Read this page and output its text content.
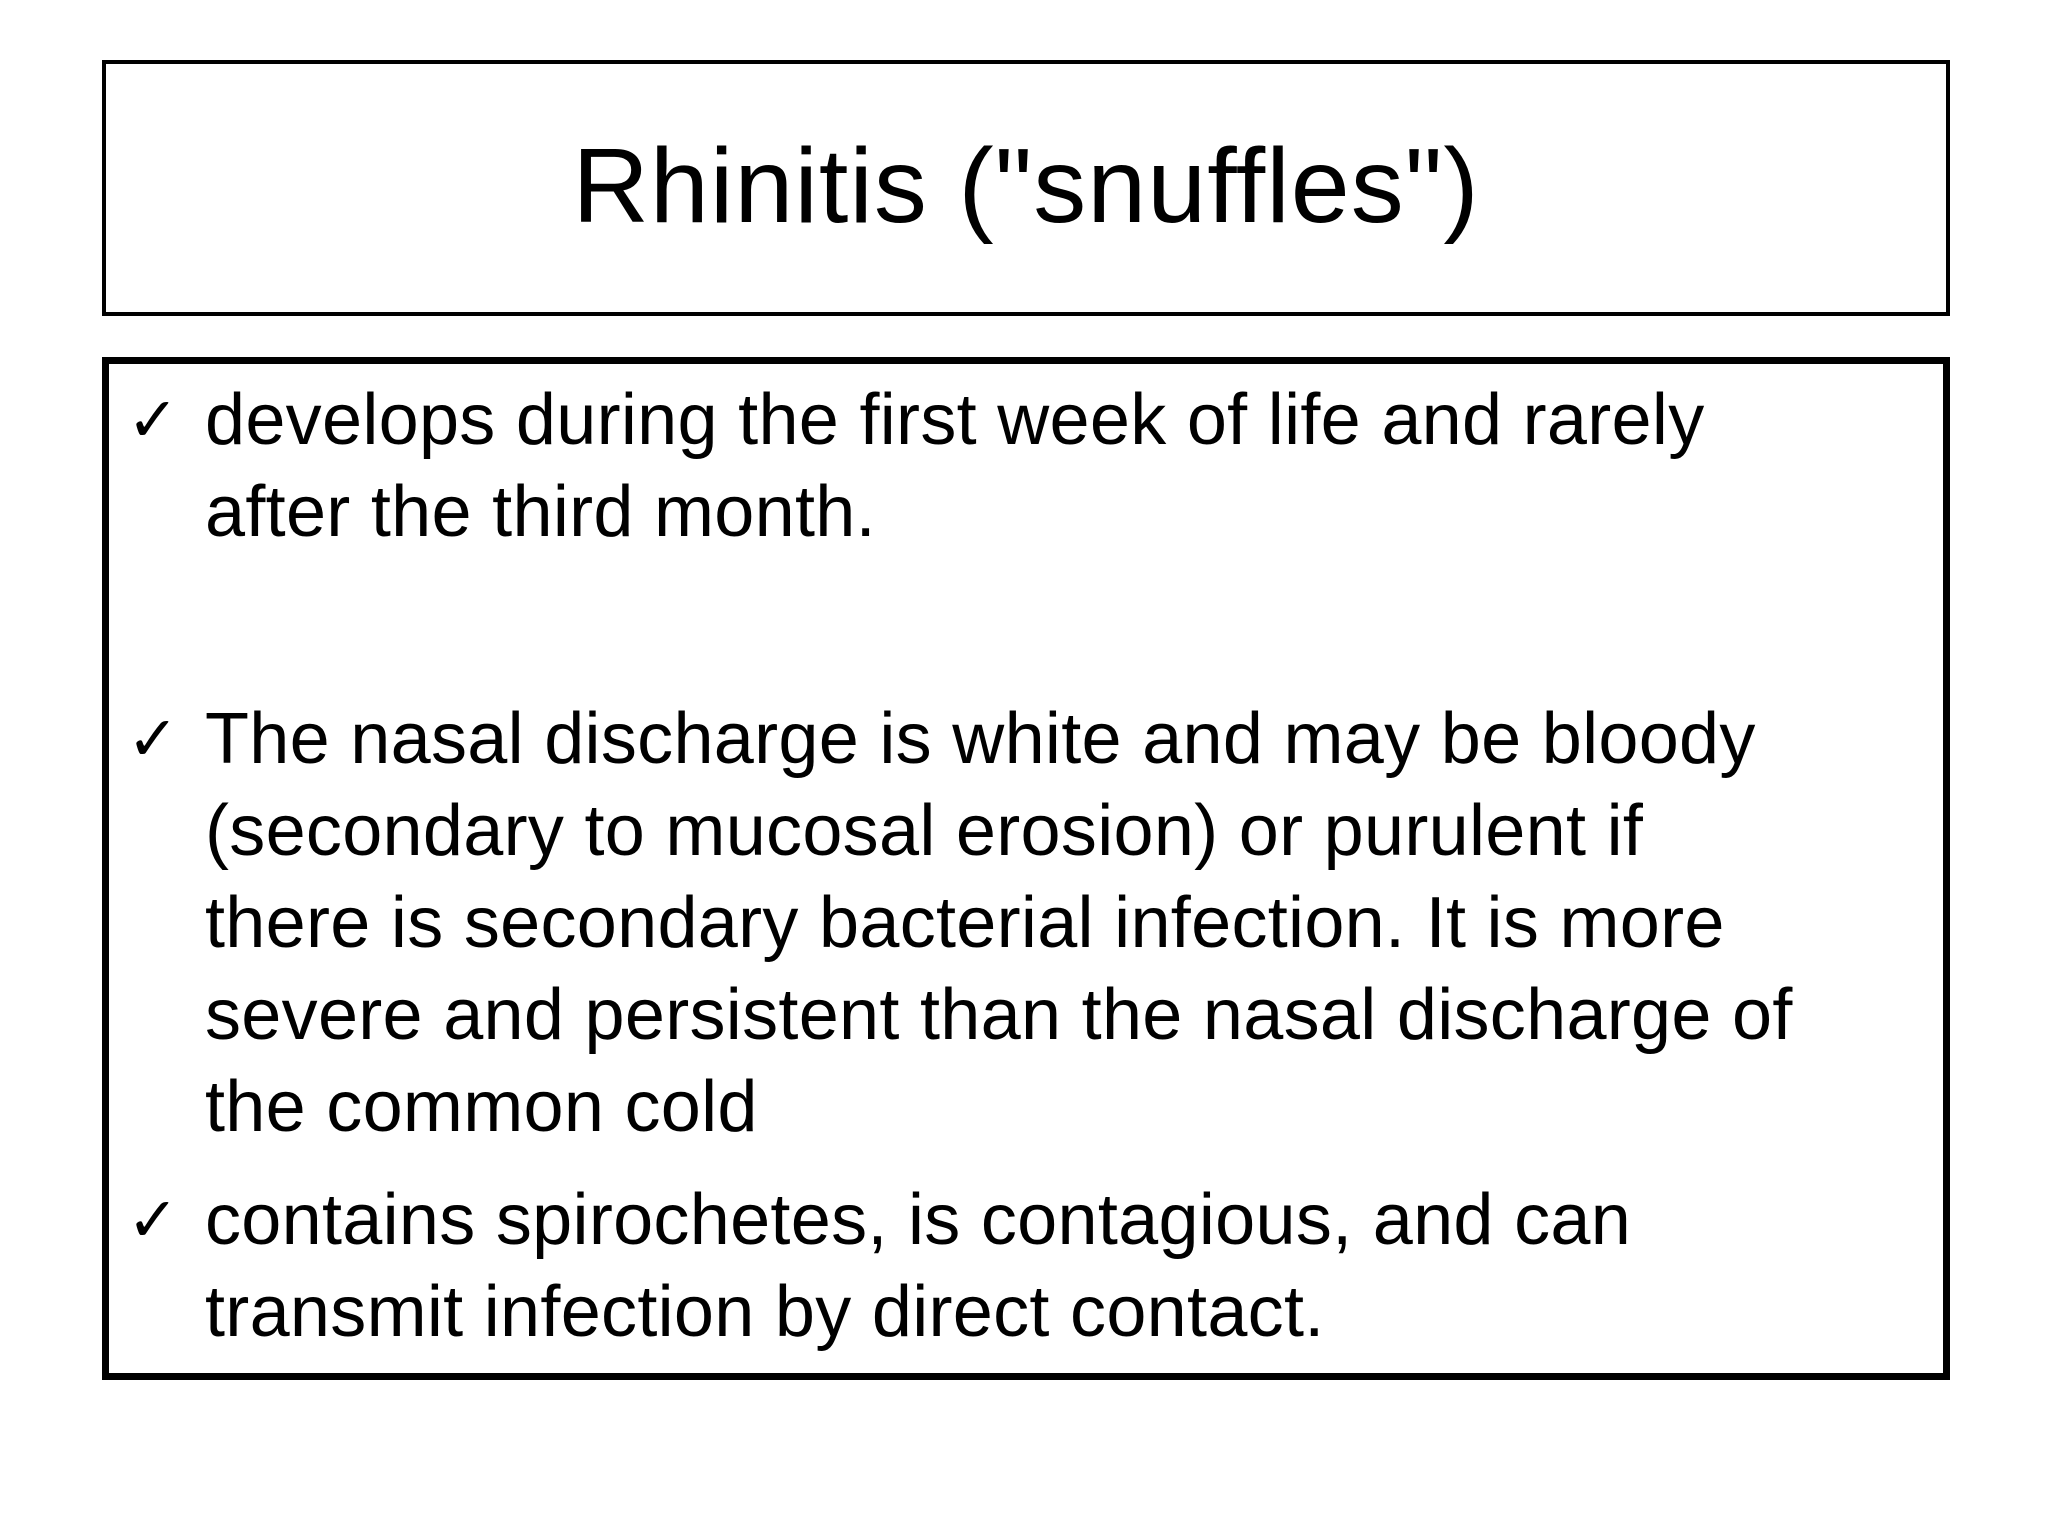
Rhinitis ("snuffles")
✓ develops during the first week of life and rarely
after the third month.
✓ The nasal discharge is white and may be bloody
(secondary to mucosal erosion) or purulent if
there is secondary bacterial infection. It is more
severe and persistent than the nasal discharge of
the common cold
✓ contains spirochetes, is contagious, and can
transmit infection by direct contact.
